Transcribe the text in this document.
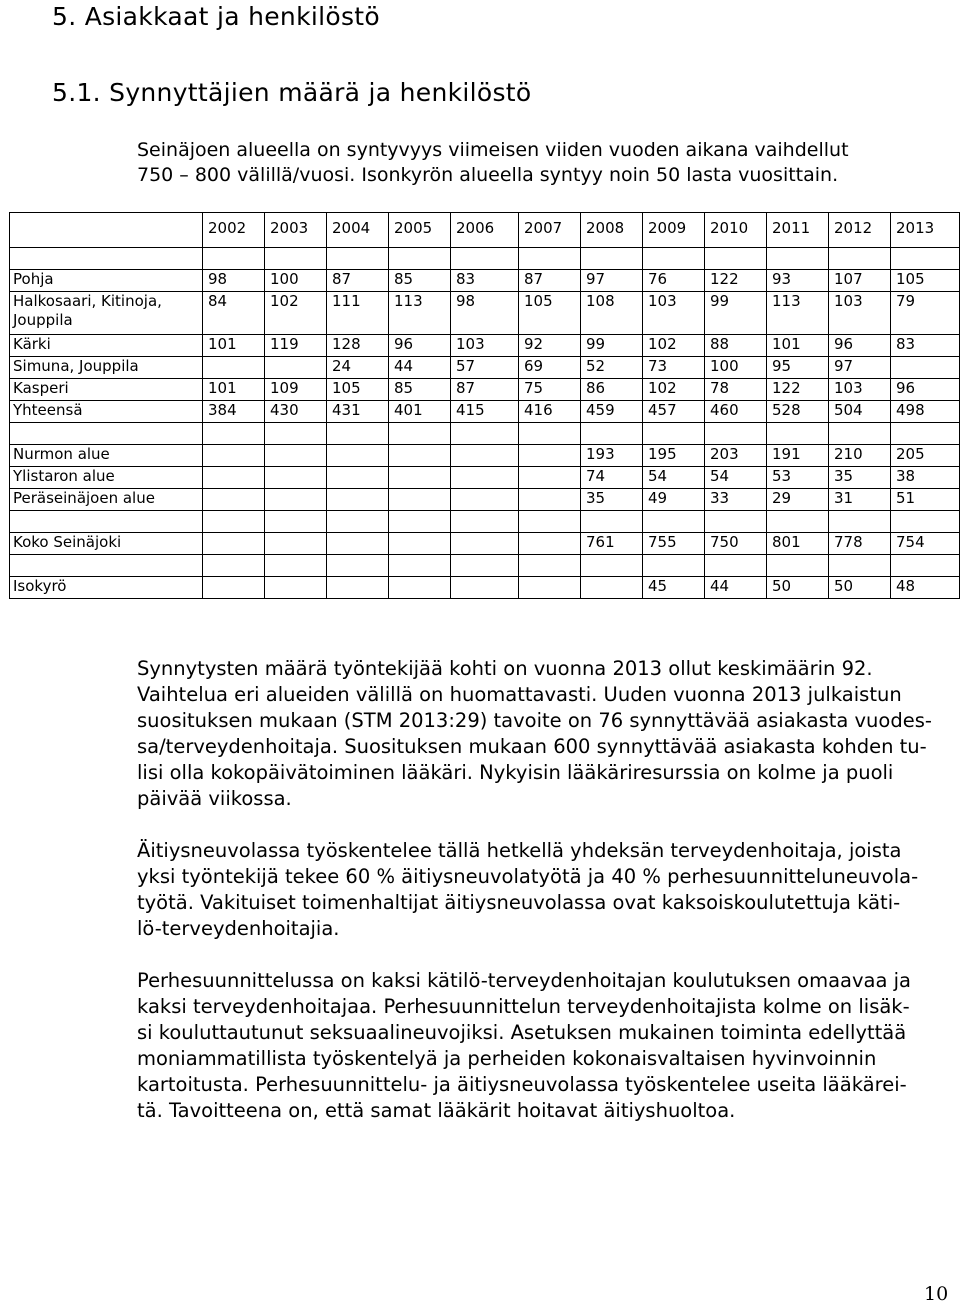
5. Asiakkaat ja henkilöstö
5.1. Synnyttäjien määrä ja henkilöstö

Seinäjoen alueella on syntyvyys viimeisen viiden vuoden aikana vaihdellut

750 – 800 välillä/vuosi. Isonkyrön alueella syntyy noin 50 lasta vuosittain.

	2002	2003	2004	2005	2006	2007	2008	2009	2010	2011	2012	2013

Pohja	98	100	87	85	83	87	97	76	122	93	107	105
Halkosaari, Kitinoja, Jouppila	84	102	111	113	98	105	108	103	99	113	103	79
Kärki	101	119	128	96	103	92	99	102	88	101	96	83
Simuna, Jouppila			24	44	57	69	52	73	100	95	97	
Kasperi	101	109	105	85	87	75	86	102	78	122	103	96
Yhteensä	384	430	431	401	415	416	459	457	460	528	504	498

Nurmon alue							193	195	203	191	210	205
Ylistaron alue							74	54	54	53	35	38
Peräseinäjoen alue							35	49	33	29	31	51

Koko Seinäjoki							761	755	750	801	778	754

Isokyrö								45	44	50	50	48

Synnytysten määrä työntekijää kohti on vuonna 2013 ollut keskimäärin 92.
Vaihtelua eri alueiden välillä on huomattavasti. Uuden vuonna 2013 julkaistun
suosituksen mukaan (STM 2013:29) tavoite on 76 synnyttävää asiakasta vuodes-
sa/terveydenhoitaja. Suosituksen mukaan 600 synnyttävää asiakasta kohden tu-
lisi olla kokopäivätoiminen lääkäri. Nykyisin lääkäriresurssia on kolme ja puoli
päivää viikossa.

Äitiysneuvolassa työskentelee tällä hetkellä yhdeksän terveydenhoitaja, joista
yksi työntekijä tekee 60 % äitiysneuvolatyötä ja 40 % perhesuunnitteluneuvola-
työtä. Vakituiset toimenhaltijat äitiysneuvolassa ovat kaksoiskoulutettuja käti-
lö-terveydenhoitajia.

Perhesuunnittelussa on kaksi kätilö-terveydenhoitajan koulutuksen omaavaa ja
kaksi terveydenhoitajaa. Perhesuunnittelun terveydenhoitajista kolme on lisäk-
si kouluttautunut seksuaalineuvojiksi. Asetuksen mukainen toiminta edellyttää
moniammatillista työskentelyä ja perheiden kokonaisvaltaisen hyvinvoinnin
kartoitusta. Perhesuunnittelu- ja äitiysneuvolassa työskentelee useita lääkärei-
tä. Tavoitteena on, että samat lääkärit hoitavat äitiyshuoltoa.

10
